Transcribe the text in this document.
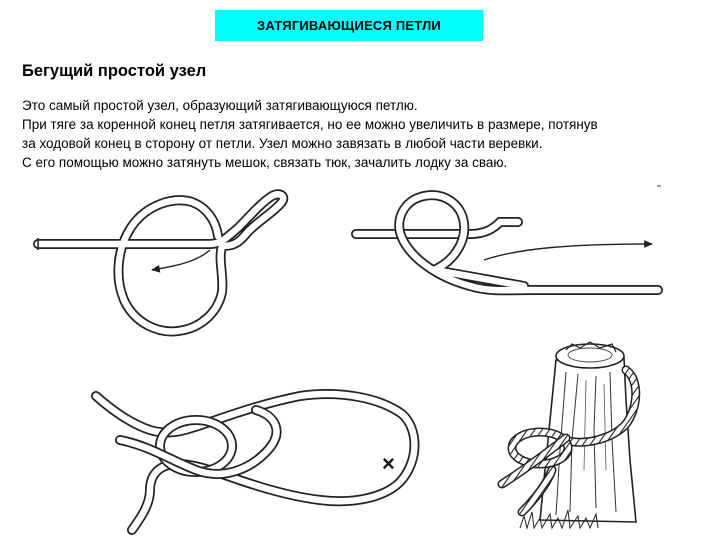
ЗАТЯГИВАЮЩИЕСЯ ПЕТЛИ
Бегущий простой узел
Это самый простой узел, образующий затягивающуюся петлю.
При тяге за коренной конец петля затягивается, но ее можно увеличить в размере, потянув
за ходовой конец в сторону от петли. Узел можно завязать в любой части веревки.
С его помощью можно затянуть мешок, связать тюк, зачалить лодку за сваю.
×
